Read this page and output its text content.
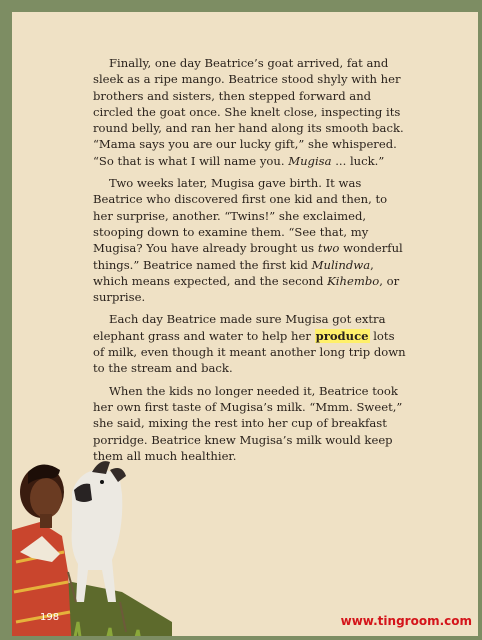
Finally, one day Beatrice’s goat arrived, fat and sleek as a ripe mango. Beatrice stood shyly with her brothers and sisters, then stepped forward and circled the goat once. She knelt close, inspecting its round belly, and ran her hand along its smooth back. “Mama says you are our lucky gift,” she whispered. “So that is what I will name you. Mugisa ... luck.”

Two weeks later, Mugisa gave birth. It was Beatrice who discovered first one kid and then, to her surprise, another. “Twins!” she exclaimed, stooping down to examine them. “See that, my Mugisa? You have already brought us two wonderful things.” Beatrice named the first kid Mulindwa, which means expected, and the second Kihembo, or surprise.

Each day Beatrice made sure Mugisa got extra elephant grass and water to help her produce lots of milk, even though it meant another long trip down to the stream and back.

When the kids no longer needed it, Beatrice took her own first taste of Mugisa’s milk. “Mmm. Sweet,” she said, mixing the rest into her cup of breakfast porridge. Beatrice knew Mugisa’s milk would keep them all much healthier.

198	www.tingroom.com
